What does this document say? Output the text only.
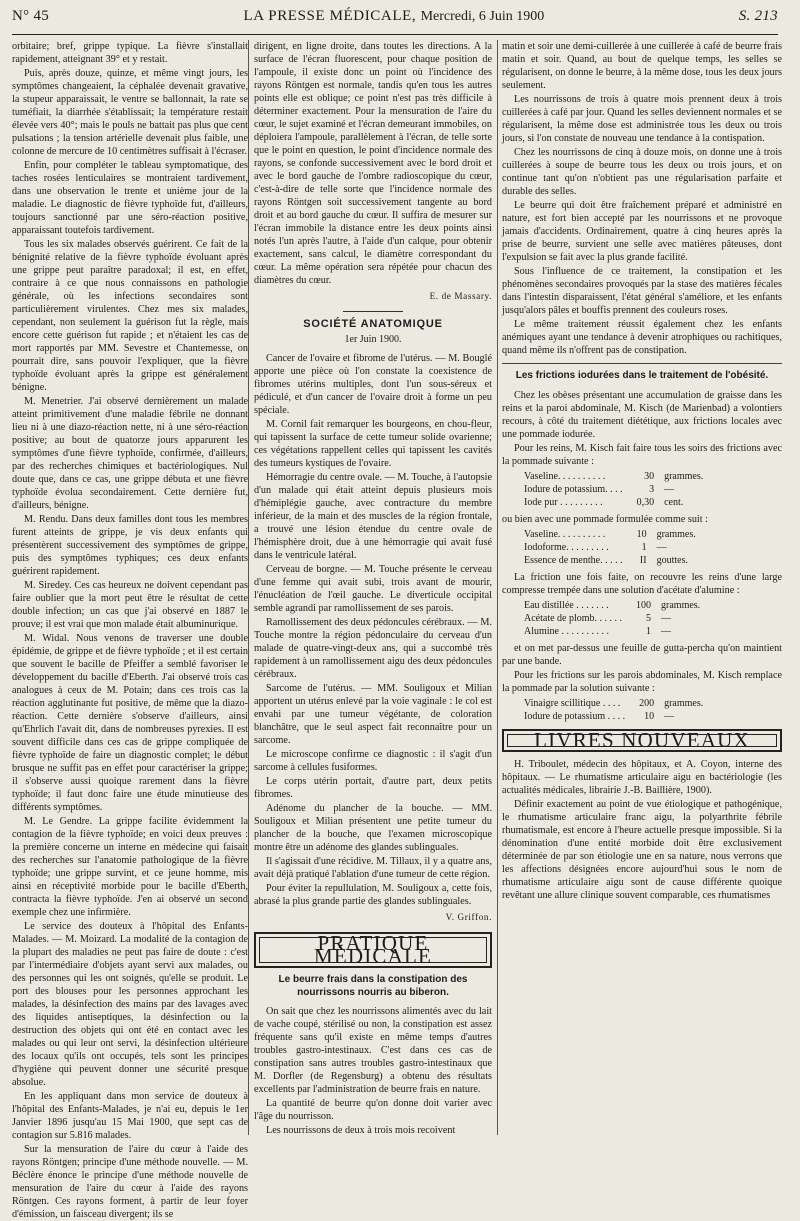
N° 45	LA PRESSE MÉDICALE, Mercredi, 6 Juin 1900	S. 213

orbitaire; bref, grippe typique. La fièvre s'installait rapidement, atteignant 39° et y restait.

Puis, après douze, quinze, et même vingt jours, les symptômes changeaient, la céphalée devenait gravative, la stupeur apparaissait, le ventre se ballonnait, la rate se tuméfiait, la diarrhée s'établissait; la température restait élevée vers 40°; mais le pouls ne battait pas plus que cent pulsations ; la tension artérielle devenait plus faible, une colonne de mercure de 10 centimètres suffisait à l'écraser.

Enfin, pour compléter le tableau symptomatique, des taches rosées lenticulaires se montraient tardivement, dans une observation le trente et unième jour de la maladie. Le diagnostic de fièvre typhoïde fut, d'ailleurs, toujours sanctionné par une séro-réaction positive, apparaissant toutefois tardivement.

Tous les six malades observés guérirent. Ce fait de la bénignité relative de la fièvre typhoïde évoluant après une grippe peut paraître paradoxal; il est, en effet, contraire à ce que nous connaissons en pathologie générale, où les infections secondaires sont particulièrement virulentes. Chez mes six malades, cependant, non seulement la guérison fut la règle, mais encore cette guérison fut rapide ; et n'étaient les cas de mort rapportés par MM. Sevestre et Chantemesse, on pourrait dire, sans pouvoir l'expliquer, que la fièvre typhoïde évoluant après la grippe est généralement bénigne.

M. Menetrier. J'ai observé dernièrement un malade atteint primitivement d'une maladie fébrile ne donnant lieu ni à une diazo-réaction nette, ni à une séro-réaction positive; au bout de quatorze jours apparurent les symptômes d'une fièvre typhoïde, confirmée, d'ailleurs, par des recherches chimiques et bactériologiques. Nul doute que, dans ce cas, une grippe débuta et une fièvre typhoïde évolua secondairement. Cette dernière fut, d'ailleurs, bénigne.

M. Rendu. Dans deux familles dont tous les membres furent atteints de grippe, je vis deux enfants qui présentèrent successivement des symptômes de grippe, puis des symptômes typhiques; ces deux enfants guérirent rapidement.

M. Siredey. Ces cas heureux ne doivent cependant pas faire oublier que la mort peut être le résultat de cette double infection; un cas que j'ai observé en 1887 le prouve; il est vrai que mon malade était albuminurique.

M. Widal. Nous venons de traverser une double épidémie, de grippe et de fièvre typhoïde ; et il est certain que souvent le bacille de Pfeiffer a semblé favoriser le développement du bacille d'Eberth. J'ai observé trois cas analogues à ceux de M. Potain; dans ces trois cas la réaction agglutinante fut positive, de même que la diazo-réaction. Cette dernière s'observe d'ailleurs, ainsi qu'Ehrlich l'avait dit, dans de nombreuses pyrexies. Il est souvent difficile dans ces cas de grippe compliquée de fièvre typhoïde de faire un diagnostic complet; le début brusque ne suffit pas en effet pour caractériser la grippe; il s'observe aussi quoique rarement dans la fièvre typhoïde; il faut donc faire une étude minutieuse des différents symptômes.

M. Le Gendre. La grippe facilite évidemment la contagion de la fièvre typhoïde; en voici deux preuves : la première concerne un interne en médecine qui faisait des recherches sur l'anatomie pathologique de la fièvre typhoïde; une grippe survint, et ce jeune homme, mis ainsi en réceptivité morbide pour le bacille d'Eberth, contracta la fièvre typhoïde. J'en ai observé un second exemple chez une infirmière.

Le service des douteux à l'hôpital des Enfants-Malades. — M. Moizard. La modalité de la contagion de la plupart des maladies ne peut pas faire de doute : c'est par l'intermédiaire d'objets ayant servi aux malades, ou des personnes qui les ont soignés, qu'elle se produit. Le port des blouses pour les personnes approchant les malades, la désinfection des mains par des lavages avec des liquides antiseptiques, la désinfection ou la destruction des objets qui ont été en contact avec les malades ou qui leur ont servi, la désinfection ultérieure des locaux qu'ils ont occupés, tels sont les principes d'hygiène qui peuvent donner une sécurité presque absolue.

En les appliquant dans mon service de douteux à l'hôpital des Enfants-Malades, je n'ai eu, depuis le 1er Janvier 1896 jusqu'au 15 Mai 1900, que sept cas de contagion sur 5.816 malades.

Sur la mensuration de l'aire du cœur à l'aide des rayons Röntgen; principe d'une méthode nouvelle. — M. Béclère énonce le principe d'une méthode nouvelle de mensuration de l'aire du cœur à l'aide des rayons Röntgen. Ces rayons forment, à partir de leur foyer d'émission, un faisceau divergent; ils se

dirigent, en ligne droite, dans toutes les directions. A la surface de l'écran fluorescent, pour chaque position de l'ampoule, il existe donc un point où l'incidence des rayons Röntgen est normale, tandis qu'en tous les autres points elle est oblique; ce point n'est pas très difficile à déterminer exactement. Pour la mensuration de l'aire du cœur, le sujet examiné et l'écran demeurant immobiles, on déploiera l'ampoule, parallèlement à l'écran, de telle sorte que le point en question, le point d'incidence normale des rayons, se confonde successivement avec le bord droit et avec le bord gauche de l'ombre radioscopique du cœur, c'est-à-dire de telle sorte que l'incidence normale des rayons Röntgen soit successivement tangente au bord droit et au bord gauche du cœur. Il suffira de mesurer sur l'écran immobile la distance entre les deux points ainsi notés l'un après l'autre, à l'aide d'un calque, pour obtenir exactement, sans calcul, le diamètre correspondant du cœur. La même opération sera répétée pour chacun des diamètres du cœur.

E. de Massary.

SOCIÉTÉ ANATOMIQUE
1er Juin 1900.

Cancer de l'ovaire et fibrome de l'utérus. — M. Bouglé apporte une pièce où l'on constate la coexistence de fibromes utérins multiples, dont l'un sous-séreux et pédiculé, et d'un cancer de l'ovaire droit à forme un peu spéciale.

M. Cornil fait remarquer les bourgeons, en chou-fleur, qui tapissent la surface de cette tumeur solide ovarienne; ces végétations rappellent celles qui tapissent les cavités des tumeurs kystiques de l'ovaire.

Hémorragie du centre ovale. — M. Touche, à l'autopsie d'un malade qui était atteint depuis plusieurs mois d'hémiplégie gauche, avec contracture du membre inférieur, de la main et des muscles de la région frontale, a trouvé une lésion étendue du centre ovale de l'hémisphère droit, due à une hémorragie qui avait fusé dans le ventricule latéral.

Cerveau de borgne. — M. Touche présente le cerveau d'une femme qui avait subi, trois avant de mourir, l'énucléation de l'œil gauche. Le diverticule occipital semble agrandi par ramollissement de ses parois.

Ramollissement des deux pédoncules cérébraux. — M. Touche montre la région pédonculaire du cerveau d'un malade de quatre-vingt-deux ans, qui a succombé très rapidement à un ramollissement aigu des deux pédoncules cérébraux.

Sarcome de l'utérus. — MM. Souligoux et Milian apportent un utérus enlevé par la voie vaginale : le col est envahi par une tumeur végétante, de coloration blanchâtre, que le seul aspect fait reconnaître pour un sarcome.

Le microscope confirme ce diagnostic : il s'agit d'un sarcome à cellules fusiformes.

Le corps utérin portait, d'autre part, deux petits fibromes.

Adénome du plancher de la bouche. — MM. Souligoux et Milian présentent une petite tumeur du plancher de la bouche, que l'examen microscopique montre être un adénome des glandes sublinguales.

Il s'agissait d'une récidive. M. Tillaux, il y a quatre ans, avait déjà pratiqué l'ablation d'une tumeur de cette région.

Pour éviter la repullulation, M. Souligoux a, cette fois, abrasé la plus grande partie des glandes sublinguales.

V. Griffon.

PRATIQUE MÉDICALE
Le beurre frais dans la constipation des nourrissons nourris au biberon.

On sait que chez les nourrissons alimentés avec du lait de vache coupé, stérilisé ou non, la constipation est assez fréquente sans qu'il existe en même temps d'autres troubles gastro-intestinaux. C'est dans ces cas de constipation sans autres troubles gastro-intestinaux que M. Dorfler (de Regensburg) a obtenu des résultats excellents par l'administration de beurre frais en nature.

La quantité de beurre qu'on donne doit varier avec l'âge du nourrisson.

Les nourrissons de deux à trois mois recoivent

matin et soir une demi-cuillerée à une cuillerée à café de beurre frais matin et soir. Quand, au bout de quelque temps, les selles se régularisent, on donne le beurre, à la même dose, tous les deux jours seulement.

Les nourrissons de trois à quatre mois prennent deux à trois cuillerées à café par jour. Quand les selles deviennent normales et se régularisent, la même dose est administrée tous les deux ou trois jours, si l'on constate de nouveau une tendance à la contispation.

Chez les nourrissons de cinq à douze mois, on donne une à trois cuillerées à soupe de beurre tous les deux ou trois jours, et on continue tant qu'on n'obtient pas une régularisation parfaite et durable des selles.

Le beurre qui doit être fraîchement préparé et administré en nature, est fort bien accepté par les nourrissons et ne provoque jamais d'accidents. Ordinairement, quatre à cinq heures après la prise de beurre, survient une selle avec matières pâteuses, dont l'expulsion se fait avec la plus grande facilité.

Sous l'influence de ce traitement, la constipation et les phénomènes secondaires provoqués par la stase des matières fécales dans l'intestin disparaissent, l'état général s'améliore, et les enfants jusqu'alors pâles et bouffis prennent des couleurs roses.

Le même traitement réussit également chez les enfants anémiques ayant une tendance à devenir atrophiques ou rachitiques, quand même ils n'offrent pas de constipation.

Les frictions iodurées dans le traitement de l'obésité.

Chez les obèses présentant une accumulation de graisse dans les reins et la paroi abdominale, M. Kisch (de Marienbad) a volontiers recours, à côté du traitement diététique, aux frictions locales avec une pommade iodurée.

Pour les reins, M. Kisch fait faire tous les soirs des frictions avec la pommade suivante :

Vaseline. . . . . . . . . .	30	grammes.
Iodure de potassium. . . .	3	—
Iode pur . . . . . . . . .	0,30	cent.

ou bien avec une pommade formulée comme suit :

Vaseline. . . . . . . . . .	10	grammes.
Iodoforme. . . . . . . . .	1	—
Essence de menthe. . . . .	II	gouttes.

La friction une fois faite, on recouvre les reins d'une large compresse trempée dans une solution d'acétate d'alumine :

Eau distillée . . . . . . .	100	grammes.
Acétate de plomb. . . . . .	5	—
Alumine . . . . . . . . . .	1	—

et on met par-dessus une feuille de gutta-percha qu'on maintient par une bande.

Pour les frictions sur les parois abdominales, M. Kisch remplace la pommade par la solution suivante :

Vinaigre scillitique . . . .	200	grammes.
Iodure de potassium . . . .	10	—
LIVRES NOUVEAUX

H. Triboulet, médecin des hôpitaux, et A. Coyon, interne des hôpitaux. — Le rhumatisme articulaire aigu en bactériologie (les actualités médicales, librairie J.-B. Baillière, 1900).

Définir exactement au point de vue étiologique et pathogénique, le rhumatisme articulaire franc aigu, la polyarthrite fébrile rhumatismale, est encore à l'heure actuelle presque impossible. Si la dénomination d'une entité morbide doit être exclusivement déterminée de par son étiologie une en sa nature, nous verrons que les affections désignées encore aujourd'hui sous le nom de rhumatisme articulaire aigu sont de cause différente quoique revêtant une allure clinique souvent comparable, ces rhumatismes
